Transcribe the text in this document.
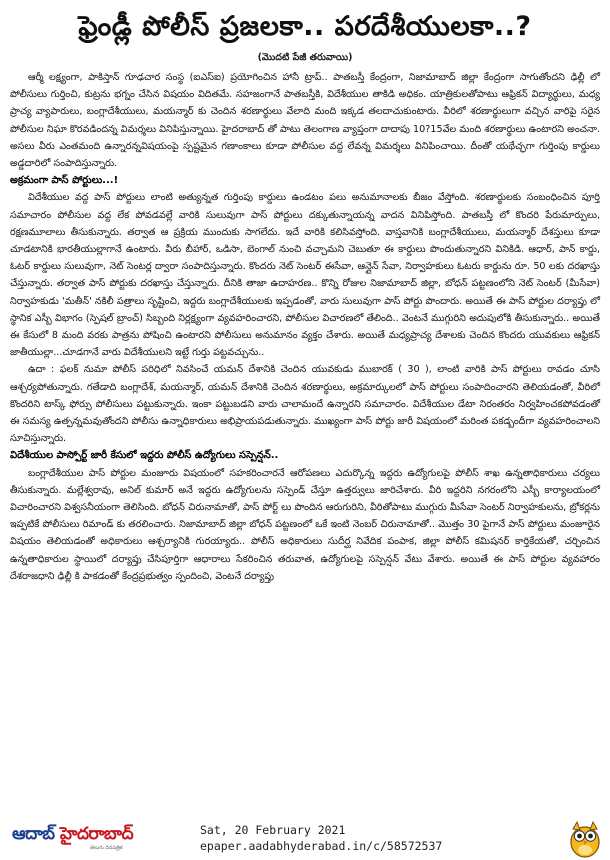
ఫ్రెండ్లీ పోలీస్ ప్రజలకా.. పరదేశీయులకా..?
(మొదటి పేజీ తరువాయి)

ఆర్మీ లక్ష్యంగా, పాకిస్తాన్ గూఢచార సంస్థ (ఐఎస్ఐ) ప్రయోగించిన హానీ ట్రాప్.. పాతబస్తీ కేంద్రంగా, నిజామాబాద్ జిల్లా కేంద్రంగా సాగుతోందని ఢిల్లీ లో పోలీసులు గుర్తించి, కుట్రను భగ్నం చేసిన విషయం విదితమే. సహజంగానే పాతబస్తీకి, విదేశీయుల తాకిడి అధికం. యాత్రికులతోపాటు ఆఫ్రికన్ విద్యార్థులు, మధ్య ప్రాచ్య వ్యాపారులు, బంగ్లాదేశీయులు, మయన్మార్ కు చెందిన శరణార్థులు వేలాది మంది ఇక్కడ తలదాచుకుంటారు. వీరిలో శరణార్థులుగా వచ్చిన వారిపై సరైన పోలీసుల నిఘా కొరవడిందన్న విమర్శలు వినిపిస్తున్నాయి. హైదరాబాద్ తో పాటు తెలంగాణ వ్యాప్తంగా దాదాపు 10?15వేల మంది శరణార్థులు ఉంటారని అంచనా. అసలు వీరు ఎంతమంది ఉన్నారన్నవిషయంపై స్పష్టమైన గణాంకాలు కూడా పోలీసుల వద్ద లేవన్న విమర్శలు వినిపించాయి. దీంతో యథేచ్ఛగా గుర్తింపు కార్డులు అడ్డదారిలో సంపాదిస్తున్నారు.

అక్రమంగా పాస్ పోర్టులు...!

విదేశీయుల వద్ద పాస్ పోర్టులు లాంటి అత్యున్నత గుర్తింపు కార్డులు ఉండటం పలు అనుమానాలకు బీజం వేస్తోంది. శరణార్థులకు సంబంధించిన పూర్తి సమాచారం పోలీసుల వద్ద లేక పోవడవల్లే వారికి సులువుగా పాస్ పోర్టులు దక్కుతున్నాయన్న వాదన వినిపిస్తోంది. పాతబస్తీ లో కొందరి పేరుమార్పులు, రక్షణమూలాలు తీసుకున్నారు. తర్వాత ఆ ప్రక్రియ ముందుకు సాగలేదు. ఇదే వారికి కలిసివస్తోంది. వాస్తవానికి బంగ్లాదేశీయులు, మయన్మార్ దేశస్తులు కూడా చూడటానికి భారతీయుల్లాగానే ఉంటారు. వీరు బీహార్, ఒడిసా, బెంగాల్ నుంచి వచ్చామని చెబుతూ ఈ కార్డులు పొందుతున్నారని వినికిడి. ఆధార్, పాన్ కార్డు, ఓటర్ కార్డులు సులువుగా, నెట్ సెంటర్ల ద్వారా సంపాదిస్తున్నారు. కొందరు నెట్ సెంటర్ ఈసేవా, ఆన్లైన్ సేవా, నిర్వాహకులు ఓటరు కార్డును రూ. 50 లకు దరఖాస్తు చేస్తున్నారు. తర్వాత పాస్ పోర్టుకు దరఖాస్తు చేస్తున్నారు. దీనికి తాజా ఉదాహరణ.. కొన్ని రోజుల నిజామాబాద్ జిల్లా, బోధన్ పట్టణంలోని నెట్ సెంటర్ (మీసేవా) నిర్వాహకుడు 'మతీన్' నకిలీ పత్రాలు సృష్టించి, ఇద్దరు బంగ్లాదేశీయులకు ఇప్పడంతో, వారు సులువుగా పాస్ పోర్టు పొందారు. అయితే ఈ పాస్ పోర్టుల దర్యాప్తు లో స్థానిక ఎస్బీ విభాగం (స్పెషల్ బ్రాంచ్) సిబ్బంది నిర్లక్ష్యంగా వ్యవహరించారని, పోలీసుల విచారణలో తేలింది.. వెంటనే ముగ్గురిని అదుపులోకి తీసుకున్నారు.. అయితే ఈ కేసులో 8 మంది వరకు పాత్రను పోషించి ఉంటారని పోలీసులు అనుమానం వ్యక్తం చేశారు. అయితే మధ్యప్రాచ్య దేశాలకు చెందిన కొందరు యువకులు ఆఫ్రికన్ జాతీయుల్లా...చూడగానే వారు విదేశీయులని ఇట్టే గుర్తు పట్టవచ్చును..

ఉదా : ఫలక్ నుమా పోలీస్ పరిధిలో నివసించే యమన్ దేశానికి చెందిన యువకుడు ముబారక్ ( 30 ), లాంటి వారికి పాస్ పోర్టులు రావడం చూసి ఆశ్చర్యపోతున్నారు. గతేడాది బంగ్లాదేశ్, మయన్మార్, యమన్ దేశానికి చెందిన శరణార్థులు, అక్రమార్కులలో పాస్ పోర్టులు సంపాదించారని తెలియడంతో, వీరిలో కొందరిని టాస్క్ ఫోర్సు పోలీసులు పట్టుకున్నారు. ఇంకా పట్టుబడని వారు చాలామందే ఉన్నారని సమాచారం. విదేశీయుల డేటా నిరంతరం నిర్వహించకపోవడంతో ఈ సమస్య ఉత్పన్నమవుతోందని పోలీసు ఉన్నాధికారులు అభిప్రాయపడుతున్నారు. ముఖ్యంగా పాస్ పోర్టు జారీ విషయంలో మరింత పకడ్బందీగా వ్యవహరించాలని సూచిస్తున్నారు.

విదేశీయుల పాస్పోర్ట్ జారీ కేసులో ఇద్దరు పోలీస్ ఉద్యోగులు సస్పెన్షన్..

బంగ్లాదేశీయుల పాస్ పోర్టుల మంజూరు విషయంలో సహకరించారనే ఆరోపణలు ఎదుర్కొన్న ఇద్దరు ఉద్యోగులపై పోలీస్ శాఖ ఉన్నతాధికారులు చర్యలు తీసుకున్నారు. మల్లేశ్వరావు, అనిల్ కుమార్ అనే ఇద్దరు ఉద్యోగులను సస్పెండ్ చేస్తూ ఉత్తర్వులు జారిచేశారు. వీరి ఇద్దరిని నగరంలోని ఎస్బీ కార్యాలయంలో విచారించారని విశ్వసనీయంగా తెలిసింది. బోధన్ చిరునామాతో, పాస్ పోర్ట్ లు పొందిన ఆరుగురిని, వీరితోపాటు ముగ్గురు మీసేవా సెంటర్ నిర్వాహకులను, బ్రోకర్లను ఇప్పటికే పోలీసులు రిమాండ్ కు తరలించారు. నిజామాబాద్ జిల్లా బోధన్ పట్టణంలో ఒకే ఇంటి నెంబర్ చిరునామాతో.. మొత్తం 30 పైగానే పాస్ పోర్టులు మంజూరైన విషయం తెలియడంతో అధికారులు ఆశ్చర్యానికి గురయ్యారు.. పోలీస్ అధికారులు సుదీర్ఘ నివేదిక పంపాక, జిల్లా పోలీస్ కమిషనర్ కార్తికేయతో, చర్చించిన ఉన్నతాధికారుల స్థాయిలో దర్యాప్తు చేసిపూర్తిగా ఆధారాలు సేకరించిన తరువాత, ఉద్యోగులపై సస్పెన్షన్ వేటు వేశారు. అయితే ఈ పాస్ పోర్టుల వ్యవహారం దేశరాజధాని ఢిల్లీ కి పాకడంతో కేంద్రప్రభుత్వం స్పందించి, వెంటనే దర్యాప్తు

ఆదాబ్ హైదరాబాద్
తెలుగు దినపత్రిక
Sat, 20 February 2021
epaper.aadabhyderabad.in/c/58572537
